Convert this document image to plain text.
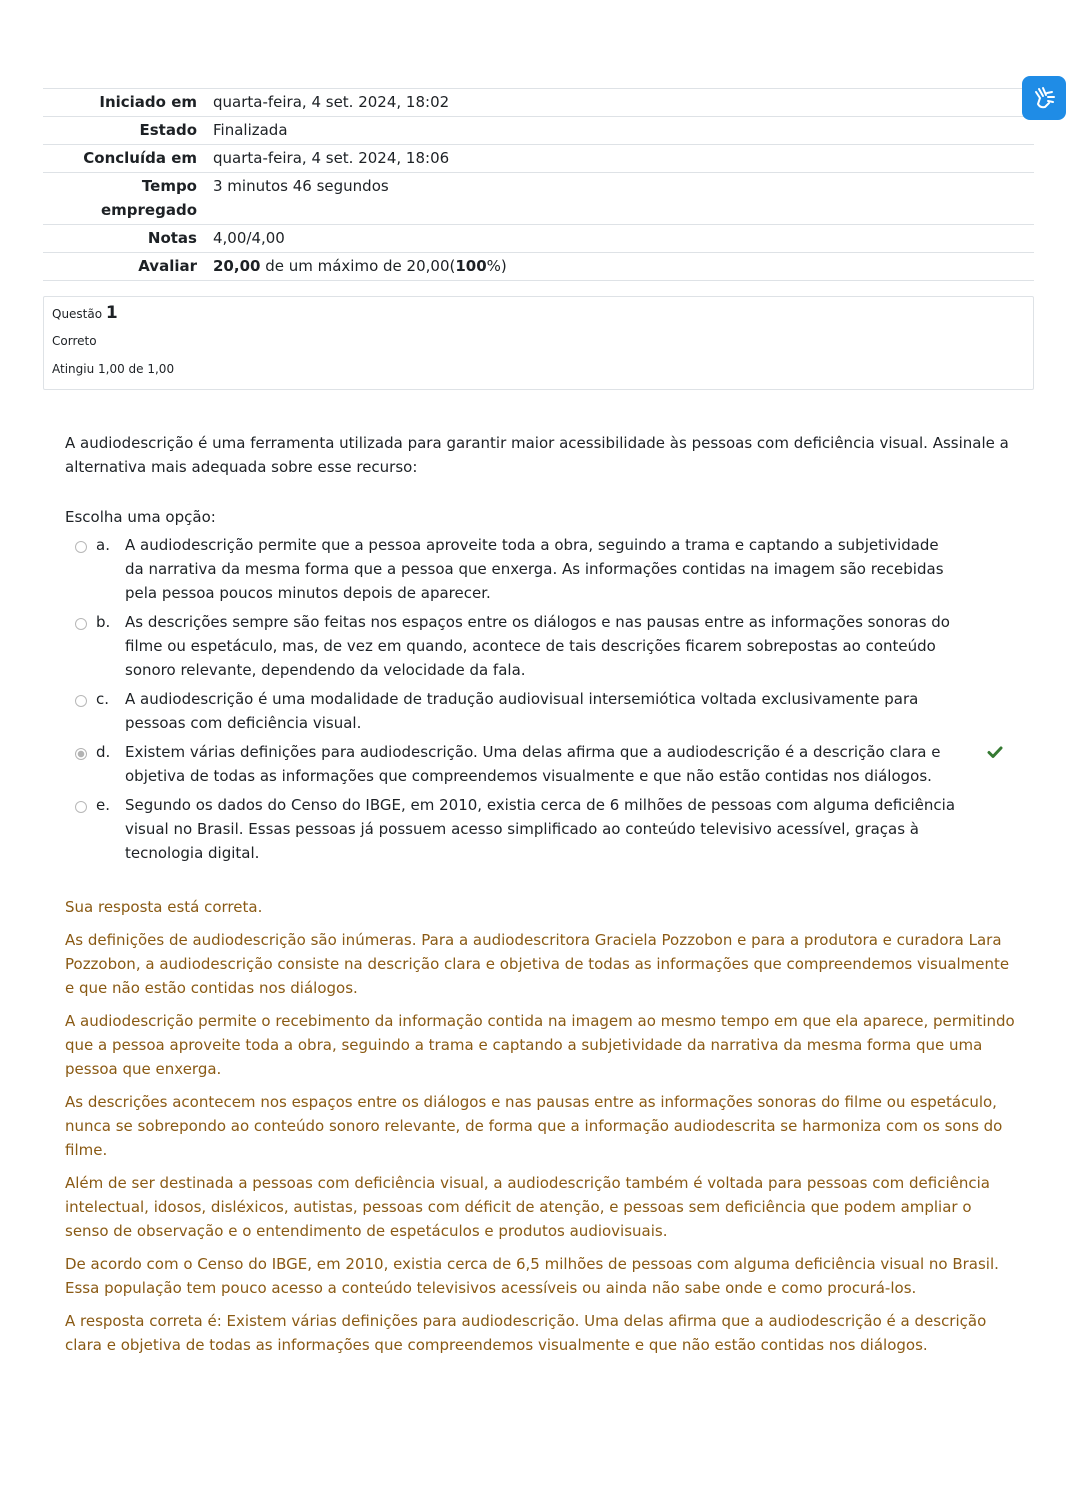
Iniciado em	quarta-feira, 4 set. 2024, 18:02
Estado	Finalizada
Concluída em	quarta-feira, 4 set. 2024, 18:06
Tempo empregado	3 minutos 46 segundos
Notas	4,00/4,00
Avaliar	20,00 de um máximo de 20,00(100%)
Questão 1
Correto
Atingiu 1,00 de 1,00
A audiodescrição é uma ferramenta utilizada para garantir maior acessibilidade às pessoas com deficiência visual. Assinale a alternativa mais adequada sobre esse recurso:
Escolha uma opção:
a.	A audiodescrição permite que a pessoa aproveite toda a obra, seguindo a trama e captando a subjetividade da narrativa da mesma forma que a pessoa que enxerga. As informações contidas na imagem são recebidas pela pessoa poucos minutos depois de aparecer.
b. As descrições sempre são feitas nos espaços entre os diálogos e nas pausas entre as informações sonoras do filme ou espetáculo, mas, de vez em quando, acontece de tais descrições ficarem sobrepostas ao conteúdo sonoro relevante, dependendo da velocidade da fala.
c.	A audiodescrição é uma modalidade de tradução audiovisual intersemiótica voltada exclusivamente para pessoas com deficiência visual.
d. Existem várias definições para audiodescrição. Uma delas afirma que a audiodescrição é a descrição clara e objetiva de todas as informações que compreendemos visualmente e que não estão contidas nos diálogos.
e.	Segundo os dados do Censo do IBGE, em 2010, existia cerca de 6 milhões de pessoas com alguma deficiência visual no Brasil. Essas pessoas já possuem acesso simplificado ao conteúdo televisivo acessível, graças à tecnologia digital.

Sua resposta está correta.

As definições de audiodescrição são inúmeras. Para a audiodescritora Graciela Pozzobon e para a produtora e curadora Lara Pozzobon, a audiodescrição consiste na descrição clara e objetiva de todas as informações que compreendemos visualmente e que não estão contidas nos diálogos.

A audiodescrição permite o recebimento da informação contida na imagem ao mesmo tempo em que ela aparece, permitindo que a pessoa aproveite toda a obra, seguindo a trama e captando a subjetividade da narrativa da mesma forma que uma pessoa que enxerga.

As descrições acontecem nos espaços entre os diálogos e nas pausas entre as informações sonoras do filme ou espetáculo, nunca se sobrepondo ao conteúdo sonoro relevante, de forma que a informação audiodescrita se harmoniza com os sons do filme.

Além de ser destinada a pessoas com deficiência visual, a audiodescrição também é voltada para pessoas com deficiência intelectual, idosos, disléxicos, autistas, pessoas com déficit de atenção, e pessoas sem deficiência que podem ampliar o senso de observação e o entendimento de espetáculos e produtos audiovisuais.

De acordo com o Censo do IBGE, em 2010, existia cerca de 6,5 milhões de pessoas com alguma deficiência visual no Brasil. Essa população tem pouco acesso a conteúdo televisivos acessíveis ou ainda não sabe onde e como procurá-los.

A resposta correta é: Existem várias definições para audiodescrição. Uma delas afirma que a audiodescrição é a descrição clara e objetiva de todas as informações que compreendemos visualmente e que não estão contidas nos diálogos.
